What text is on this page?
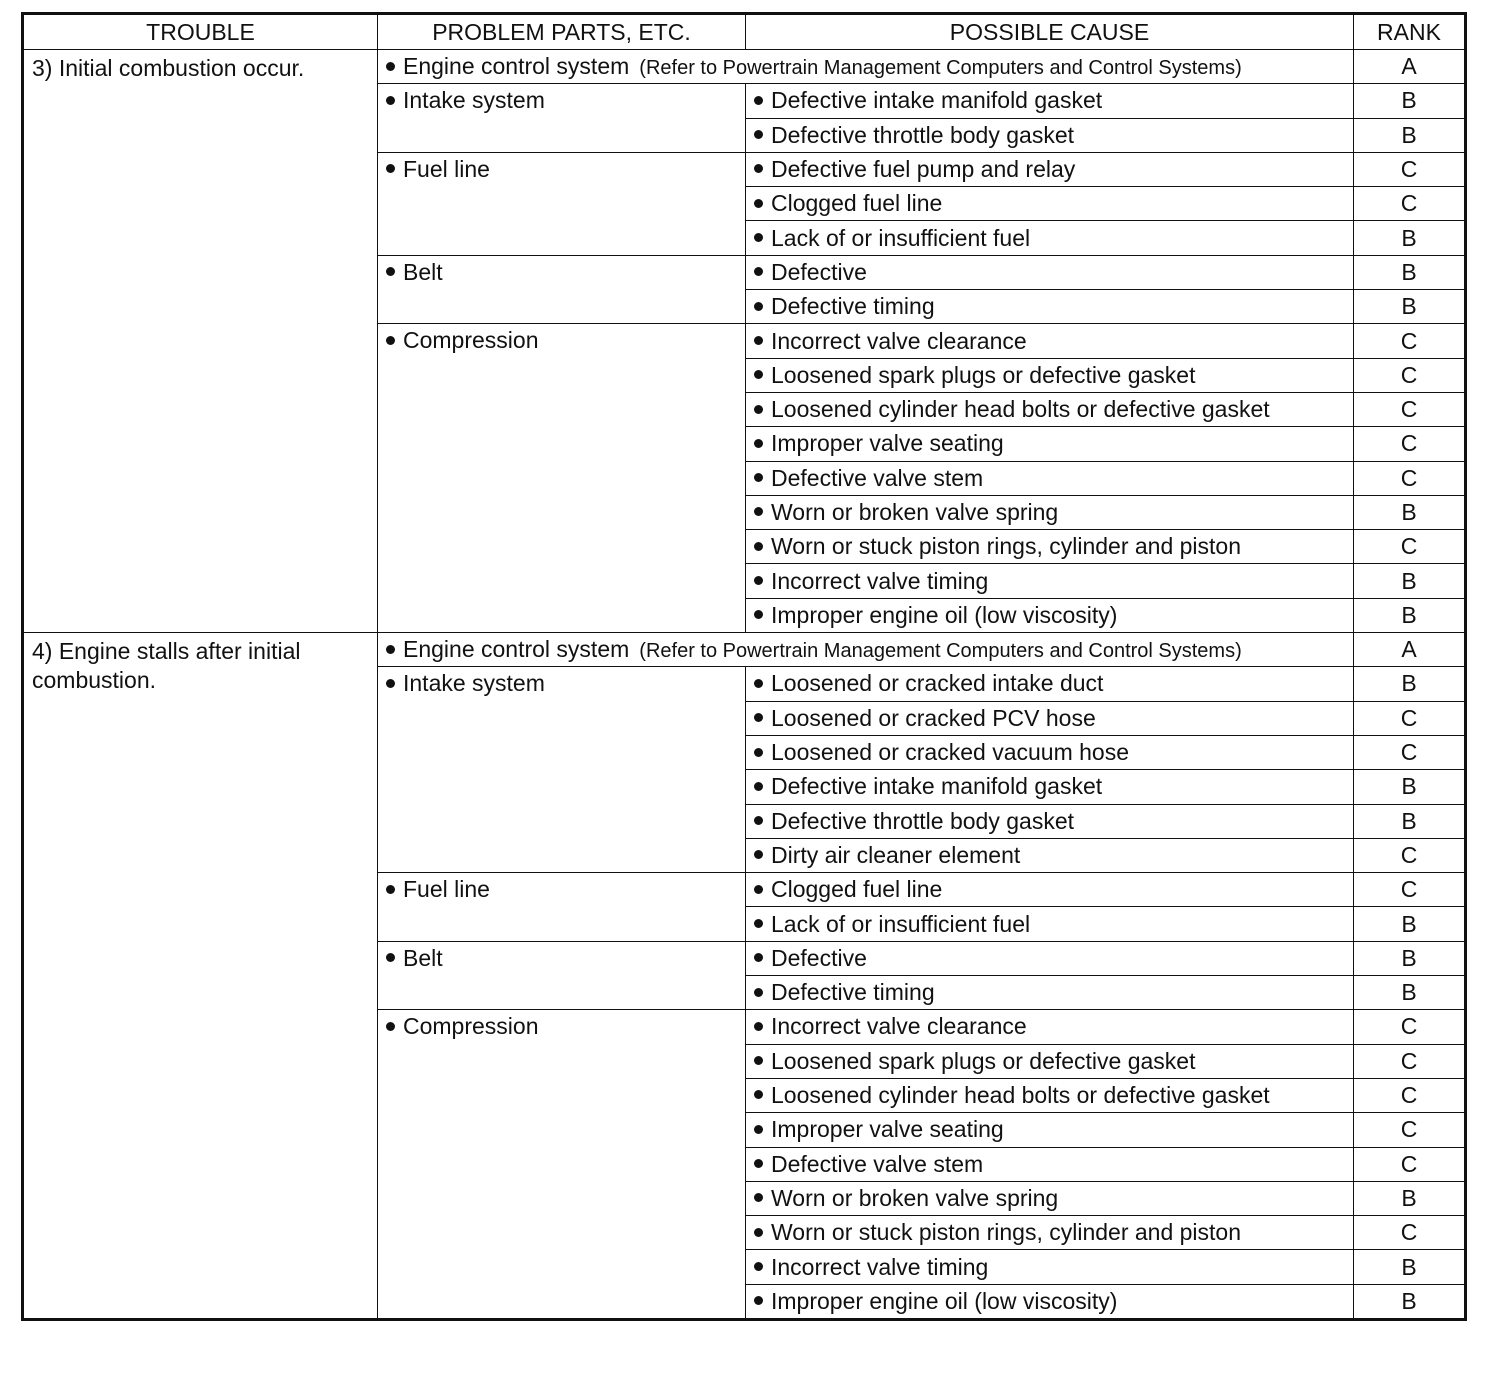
TROUBLE	PROBLEM PARTS, ETC.	POSSIBLE CAUSE	RANK
3) Initial combustion occur.	Engine control system (Refer to Powertrain Management Computers and Control Systems)		A
	Intake system	Defective intake manifold gasket	B
		Defective throttle body gasket	B
	Fuel line	Defective fuel pump and relay	C
		Clogged fuel line	C
		Lack of or insufficient fuel	B
	Belt	Defective	B
		Defective timing	B
	Compression	Incorrect valve clearance	C
		Loosened spark plugs or defective gasket	C
		Loosened cylinder head bolts or defective gasket	C
		Improper valve seating	C
		Defective valve stem	C
		Worn or broken valve spring	B
		Worn or stuck piston rings, cylinder and piston	C
		Incorrect valve timing	B
		Improper engine oil (low viscosity)	B
4) Engine stalls after initial combustion.	Engine control system (Refer to Powertrain Management Computers and Control Systems)		A
	Intake system	Loosened or cracked intake duct	B
		Loosened or cracked PCV hose	C
		Loosened or cracked vacuum hose	C
		Defective intake manifold gasket	B
		Defective throttle body gasket	B
		Dirty air cleaner element	C
	Fuel line	Clogged fuel line	C
		Lack of or insufficient fuel	B
	Belt	Defective	B
		Defective timing	B
	Compression	Incorrect valve clearance	C
		Loosened spark plugs or defective gasket	C
		Loosened cylinder head bolts or defective gasket	C
		Improper valve seating	C
		Defective valve stem	C
		Worn or broken valve spring	B
		Worn or stuck piston rings, cylinder and piston	C
		Incorrect valve timing	B
		Improper engine oil (low viscosity)	B
